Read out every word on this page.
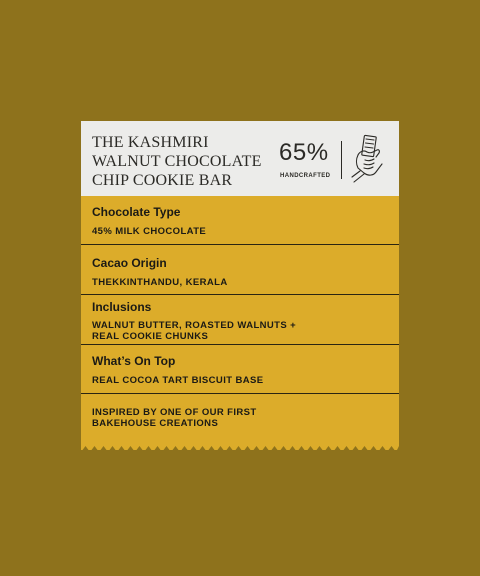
THE KASHMIRI
WALNUT CHOCOLATE
CHIP COOKIE BAR
65%
HANDCRAFTED
Chocolate Type
45% MILK CHOCOLATE
Cacao Origin
THEKKINTHANDU, KERALA
Inclusions
WALNUT BUTTER, ROASTED WALNUTS +
REAL COOKIE CHUNKS
What’s On Top
REAL COCOA TART BISCUIT BASE
INSPIRED BY ONE OF OUR FIRST
BAKEHOUSE CREATIONS
